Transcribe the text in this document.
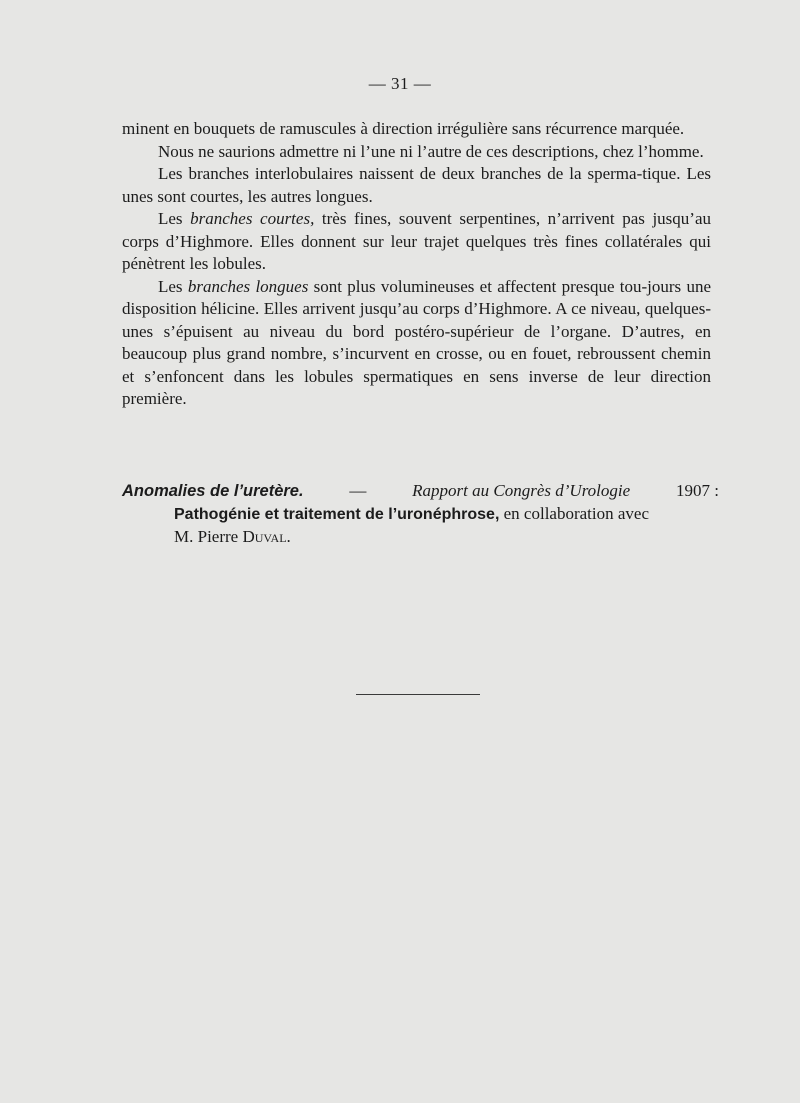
— 31 —

minent en bouquets de ramuscules à direction irrégulière sans récurrence marquée.

Nous ne saurions admettre ni l’une ni l’autre de ces descriptions, chez l’homme.

Les branches interlobulaires naissent de deux branches de la sperma-tique. Les unes sont courtes, les autres longues.

Les branches courtes, très fines, souvent serpentines, n’arrivent pas jusqu’au corps d’Highmore. Elles donnent sur leur trajet quelques très fines collatérales qui pénètrent les lobules.

Les branches longues sont plus volumineuses et affectent presque tou-jours une disposition hélicine. Elles arrivent jusqu’au corps d’Highmore. A ce niveau, quelques-unes s’épuisent au niveau du bord postéro-supérieur de l’organe. D’autres, en beaucoup plus grand nombre, s’incurvent en crosse, ou en fouet, rebroussent chemin et s’enfoncent dans les lobules spermatiques en sens inverse de leur direction première.

Anomalies de l’uretère.	—	Rapport au Congrès d’Urologie	1907 :
Pathogénie et traitement de l’uronéphrose, en collaboration avec
M. Pierre Duval.
